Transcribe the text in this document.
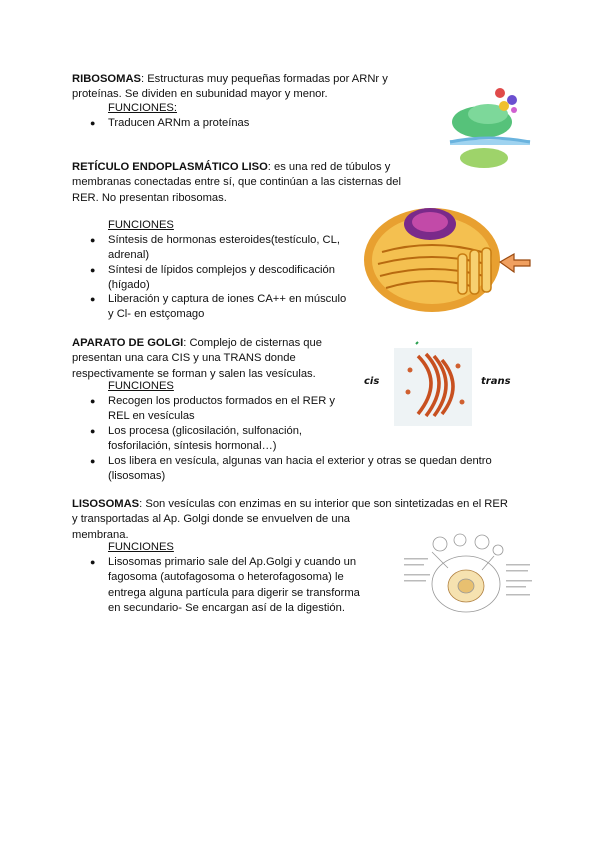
RIBOSOMAS: Estructuras muy pequeñas formadas por ARNr y
proteínas. Se dividen en subunidad mayor y menor.
FUNCIONES:
● Traducen ARNm a proteínas
RETÍCULO ENDOPLASMÁTICO LISO: es una red de túbulos y
membranas conectadas entre sí, que continúan a las cisternas del
RER. No presentan ribosomas.
FUNCIONES
● Síntesis de hormonas esteroides(testículo, CL,
adrenal)
● Síntesi de lípidos complejos y descodificación
(hígado)
● Liberación y captura de iones CA++ en músculo
y Cl- en estçomago
APARATO DE GOLGI: Complejo de cisternas que
presentan una cara CIS y una TRANS donde
respectivamente se forman y salen las vesículas.
FUNCIONES
● Recogen los productos formados en el RER y
REL en vesículas
● Los procesa (glicosilación, sulfonación,
fosforilación, síntesis hormonal…)
● Los libera en vesícula, algunas van hacia el exterior y otras se quedan dentro
(lisosomas)
cis	trans
LISOSOMAS: Son vesículas con enzimas en su interior que son sintetizadas en el RER
y transportadas al Ap. Golgi donde se envuelven de una
membrana.
FUNCIONES
● Lisosomas primario sale del Ap.Golgi y cuando un
fagosoma (autofagosoma o heterofagosoma) le
entrega alguna partícula para digerir se transforma
en secundario- Se encargan así de la digestión.
